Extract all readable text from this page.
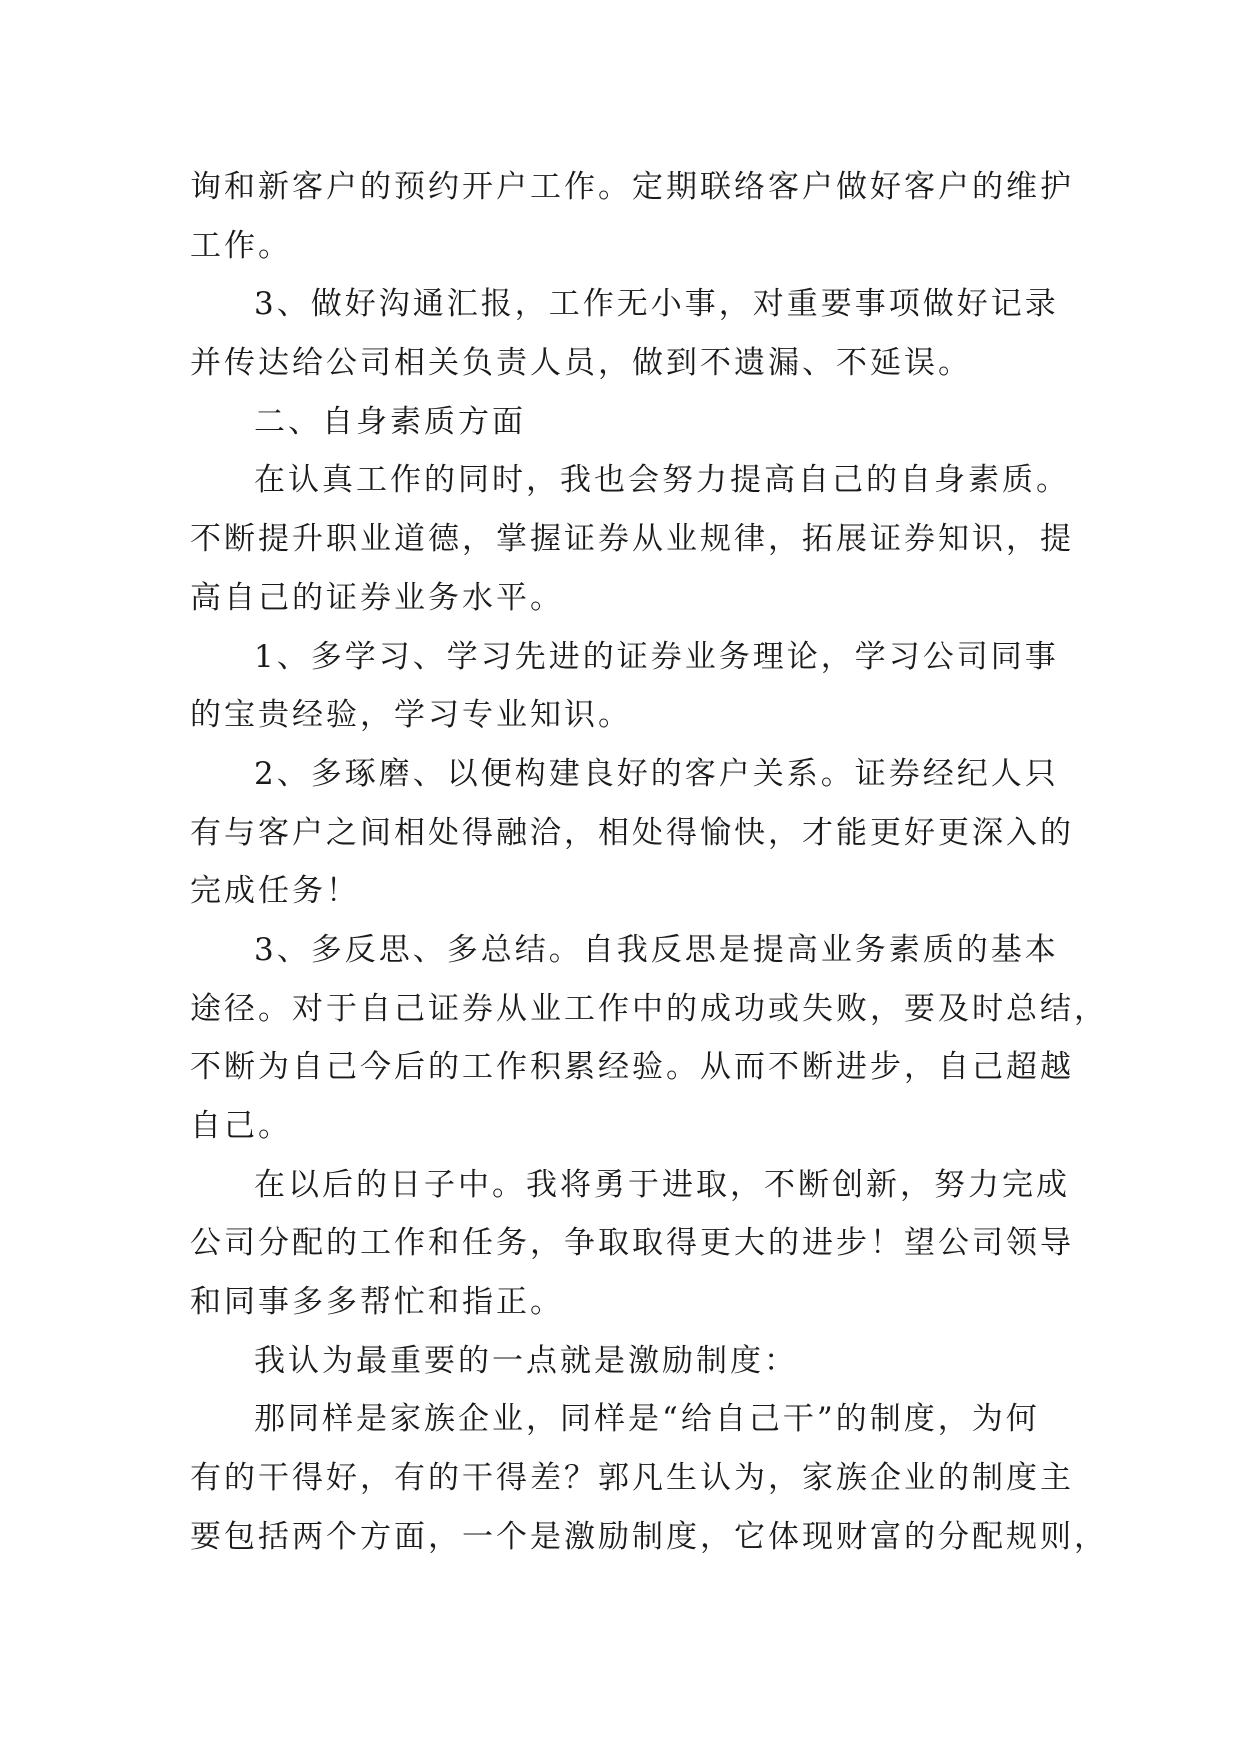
询和新客户的预约开户工作。定期联络客户做好客户的维护
工作。
3、做好沟通汇报，工作无小事，对重要事项做好记录
并传达给公司相关负责人员，做到不遗漏、不延误。
二、自身素质方面
在认真工作的同时，我也会努力提高自己的自身素质。
不断提升职业道德，掌握证券从业规律，拓展证券知识，提
高自己的证券业务水平。
1、多学习、学习先进的证券业务理论，学习公司同事
的宝贵经验，学习专业知识。
2、多琢磨、以便构建良好的客户关系。证券经纪人只
有与客户之间相处得融洽，相处得愉快，才能更好更深入的
完成任务！
3、多反思、多总结。自我反思是提高业务素质的基本
途径。对于自己证券从业工作中的成功或失败，要及时总结，
不断为自己今后的工作积累经验。从而不断进步，自己超越
自己。
在以后的日子中。我将勇于进取，不断创新，努力完成
公司分配的工作和任务，争取取得更大的进步！望公司领导
和同事多多帮忙和指正。
我认为最重要的一点就是激励制度：
那同样是家族企业，同样是“给自己干”的制度，为何
有的干得好，有的干得差？郭凡生认为，家族企业的制度主
要包括两个方面，一个是激励制度，它体现财富的分配规则，
